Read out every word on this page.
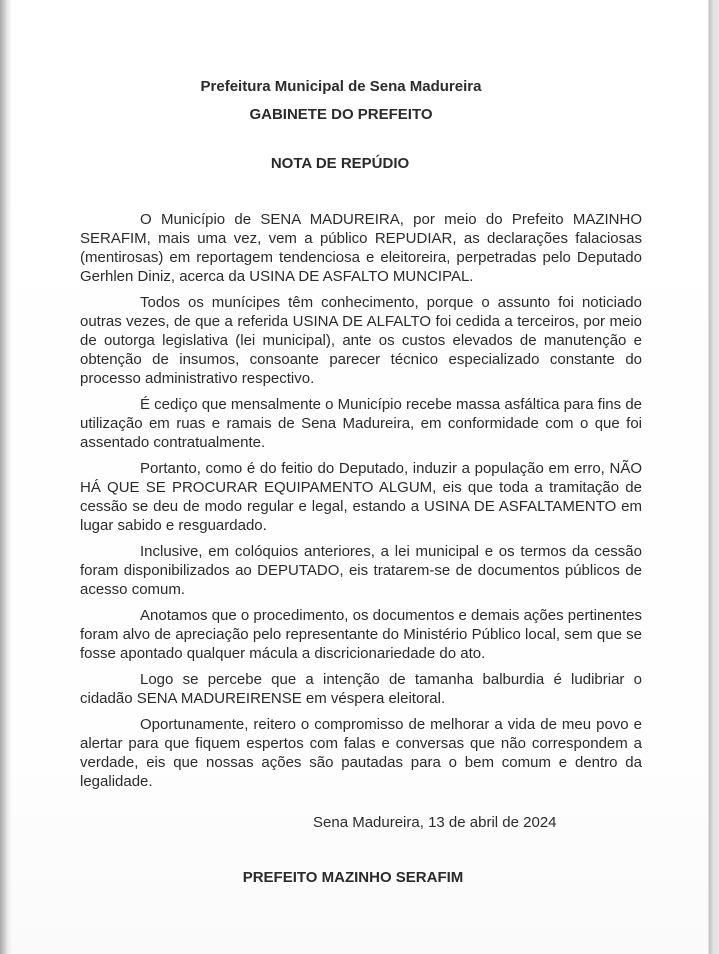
Prefeitura Municipal de Sena Madureira
GABINETE DO PREFEITO
NOTA DE REPÚDIO

O Município de SENA MADUREIRA, por meio do Prefeito MAZINHO SERAFIM, mais uma vez, vem a público REPUDIAR, as declarações falaciosas (mentirosas) em reportagem tendenciosa e eleitoreira, perpetradas pelo Deputado Gerhlen Diniz, acerca da USINA DE ASFALTO MUNCIPAL.

Todos os munícipes têm conhecimento, porque o assunto foi noticiado outras vezes, de que a referida USINA DE ALFALTO foi cedida a terceiros, por meio de outorga legislativa (lei municipal), ante os custos elevados de manutenção e obtenção de insumos, consoante parecer técnico especializado constante do processo administrativo respectivo.

É cediço que mensalmente o Município recebe massa asfáltica para fins de utilização em ruas e ramais de Sena Madureira, em conformidade com o que foi assentado contratualmente.

Portanto, como é do feitio do Deputado, induzir a população em erro, NÃO HÁ QUE SE PROCURAR EQUIPAMENTO ALGUM, eis que toda a tramitação de cessão se deu de modo regular e legal, estando a USINA DE ASFALTAMENTO em lugar sabido e resguardado.

Inclusive, em colóquios anteriores, a lei municipal e os termos da cessão foram disponibilizados ao DEPUTADO, eis tratarem-se de documentos públicos de acesso comum.

Anotamos que o procedimento, os documentos e demais ações pertinentes foram alvo de apreciação pelo representante do Ministério Público local, sem que se fosse apontado qualquer mácula a discricionariedade do ato.

Logo se percebe que a intenção de tamanha balburdia é ludibriar o cidadão SENA MADUREIRENSE em véspera eleitoral.

Oportunamente, reitero o compromisso de melhorar a vida de meu povo e alertar para que fiquem espertos com falas e conversas que não correspondem a verdade, eis que nossas ações são pautadas para o bem comum e dentro da legalidade.

Sena Madureira, 13 de abril de 2024
PREFEITO MAZINHO SERAFIM
